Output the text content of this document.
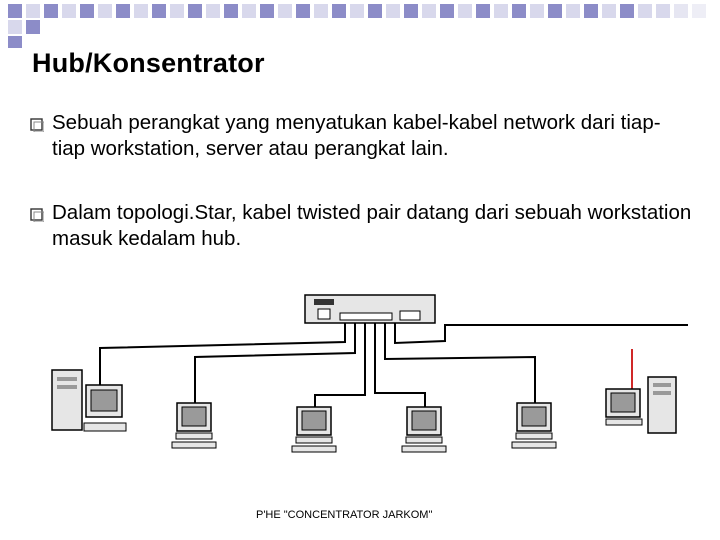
Hub/Konsentrator
Sebuah perangkat yang menyatukan kabel-kabel network dari tiap-tiap workstation, server atau perangkat lain.
Dalam topologi.Star, kabel twisted pair datang dari sebuah workstation masuk kedalam hub.
P'HE "CONCENTRATOR JARKOM"
